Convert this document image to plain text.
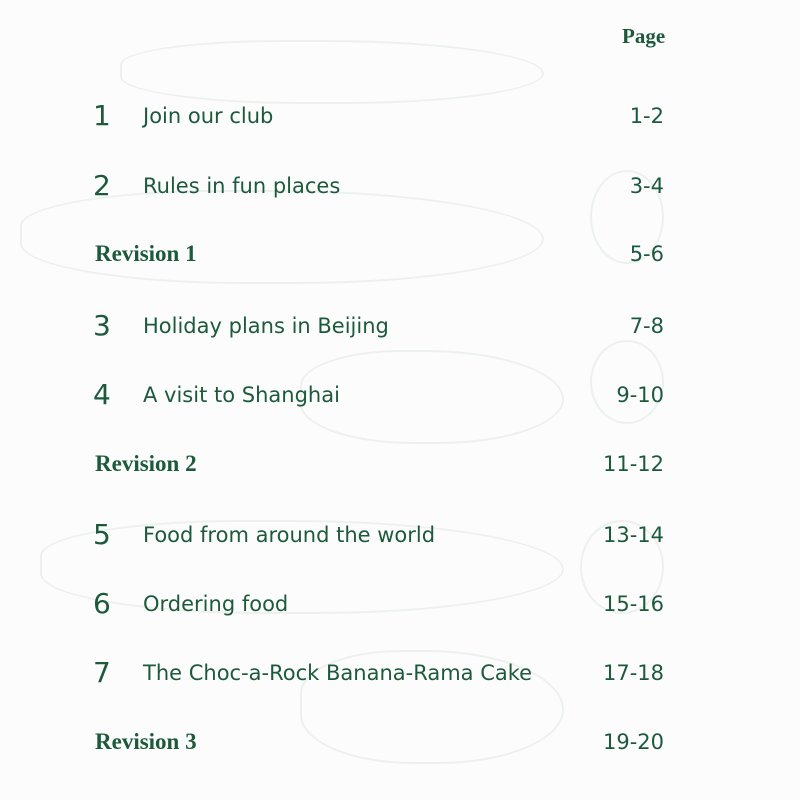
Page
1	Join our club	1-2
2	Rules in fun places	3-4
Revision 1	5-6
3	Holiday plans in Beijing	7-8
4	A visit to Shanghai	9-10
Revision 2	11-12
5	Food from around the world	13-14
6	Ordering food	15-16
7	The Choc-a-Rock Banana-Rama Cake	17-18
Revision 3	19-20
